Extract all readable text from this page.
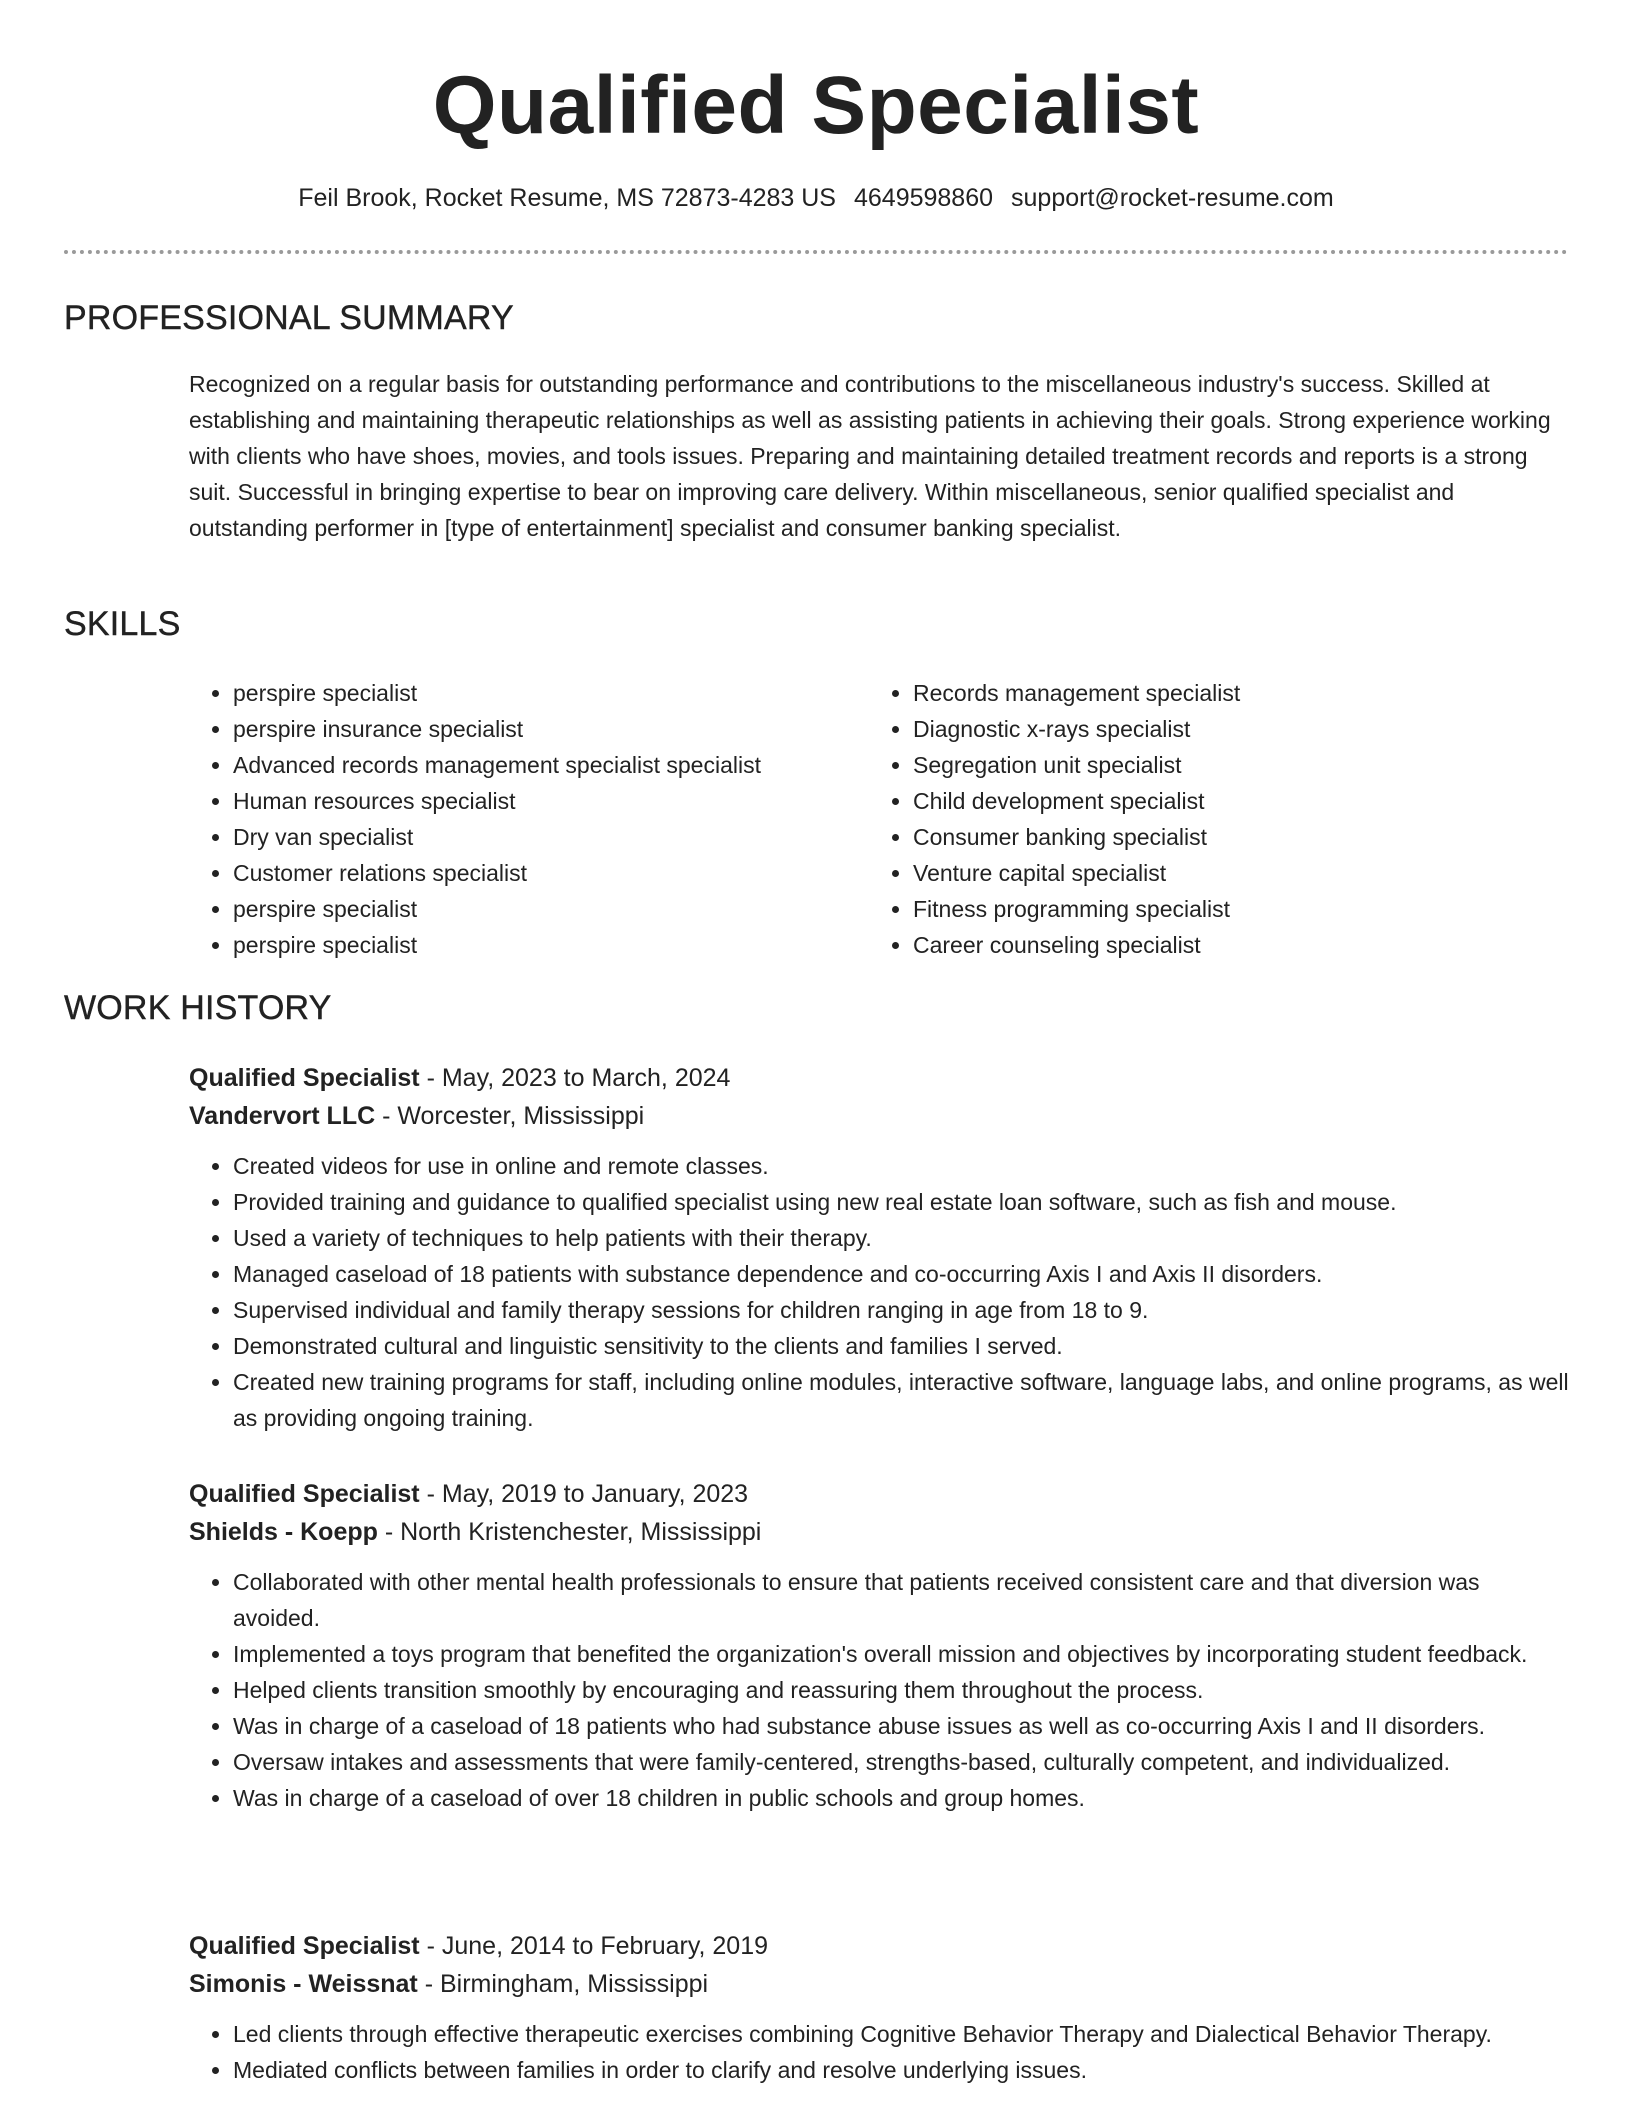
Qualified Specialist
Feil Brook, Rocket Resume, MS 72873-4283 US 4649598860 support@rocket-resume.com
PROFESSIONAL SUMMARY
Recognized on a regular basis for outstanding performance and contributions to the miscellaneous industry's success. Skilled at establishing and maintaining therapeutic relationships as well as assisting patients in achieving their goals. Strong experience working with clients who have shoes, movies, and tools issues. Preparing and maintaining detailed treatment records and reports is a strong suit. Successful in bringing expertise to bear on improving care delivery. Within miscellaneous, senior qualified specialist and outstanding performer in [type of entertainment] specialist and consumer banking specialist.
SKILLS
• perspire specialist
• perspire insurance specialist
• Advanced records management specialist specialist
• Human resources specialist
• Dry van specialist
• Customer relations specialist
• perspire specialist
• perspire specialist
• Records management specialist
• Diagnostic x-rays specialist
• Segregation unit specialist
• Child development specialist
• Consumer banking specialist
• Venture capital specialist
• Fitness programming specialist
• Career counseling specialist
WORK HISTORY
Qualified Specialist - May, 2023 to March, 2024
Vandervort LLC - Worcester, Mississippi
• Created videos for use in online and remote classes.
• Provided training and guidance to qualified specialist using new real estate loan software, such as fish and mouse.
• Used a variety of techniques to help patients with their therapy.
• Managed caseload of 18 patients with substance dependence and co-occurring Axis I and Axis II disorders.
• Supervised individual and family therapy sessions for children ranging in age from 18 to 9.
• Demonstrated cultural and linguistic sensitivity to the clients and families I served.
• Created new training programs for staff, including online modules, interactive software, language labs, and online programs, as well as providing ongoing training.
Qualified Specialist - May, 2019 to January, 2023
Shields - Koepp - North Kristenchester, Mississippi
• Collaborated with other mental health professionals to ensure that patients received consistent care and that diversion was avoided.
• Implemented a toys program that benefited the organization's overall mission and objectives by incorporating student feedback.
• Helped clients transition smoothly by encouraging and reassuring them throughout the process.
• Was in charge of a caseload of 18 patients who had substance abuse issues as well as co-occurring Axis I and II disorders.
• Oversaw intakes and assessments that were family-centered, strengths-based, culturally competent, and individualized.
• Was in charge of a caseload of over 18 children in public schools and group homes.
Qualified Specialist - June, 2014 to February, 2019
Simonis - Weissnat - Birmingham, Mississippi
• Led clients through effective therapeutic exercises combining Cognitive Behavior Therapy and Dialectical Behavior Therapy.
• Mediated conflicts between families in order to clarify and resolve underlying issues.
